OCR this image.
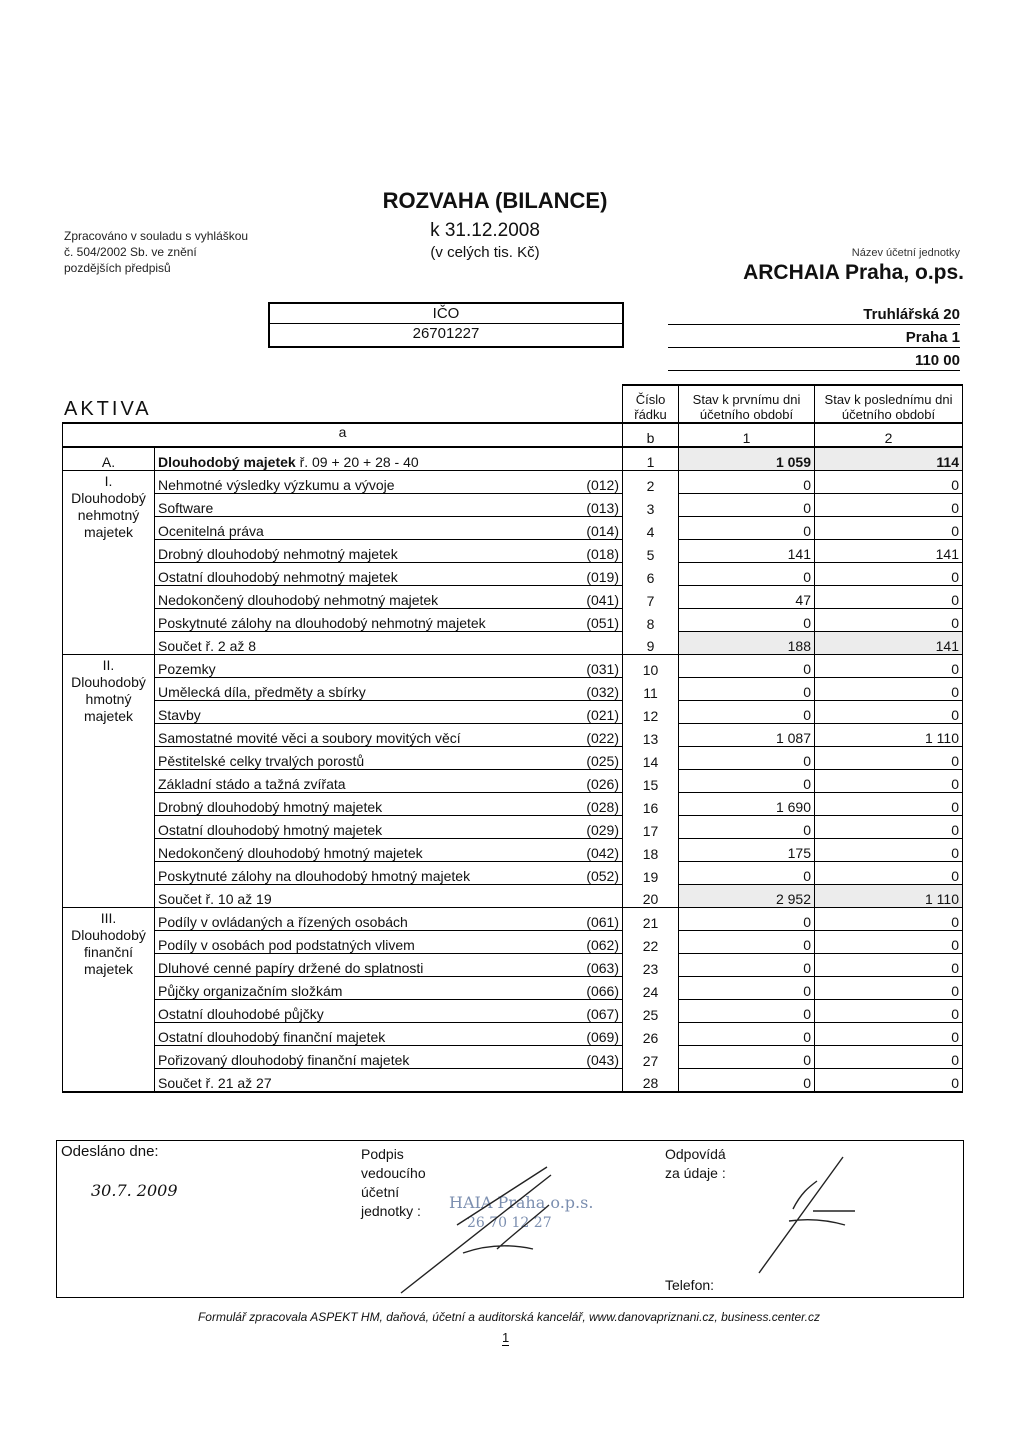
Zpracováno v souladu s vyhláškou
č. 504/2002 Sb. ve znění
pozdějších předpisů
ROZVAHA (BILANCE)
k 31.12.2008
(v celých tis. Kč)
IČO
26701227
Název účetní jednotky
ARCHAIA Praha, o.ps.
Truhlářská 20
Praha 1
110 00
AKTIVA
				Číslo řádku	Stav k prvnímu dni účetního období	Stav k poslednímu dni účetního období
a			b	1	2
A.	Dlouhodobý majetek ř. 09 + 20 + 28 - 40		1	1 059	114

I.
Dlouhodobý nehmotný majetek	Nehmotné výsledky výzkumu a vývoje	(012)	2	0	0
	Software	(013)	3	0	0
	Ocenitelná práva	(014)	4	0	0
	Drobný dlouhodobý nehmotný majetek	(018)	5	141	141
	Ostatní dlouhodobý nehmotný majetek	(019)	6	0	0
	Nedokončený dlouhodobý nehmotný majetek	(041)	7	47	0
	Poskytnuté zálohy na dlouhodobý nehmotný majetek	(051)	8	0	0
	Součet ř. 2 až 8		9	188	141

II.
Dlouhodobý hmotný majetek	Pozemky	(031)	10	0	0
	Umělecká díla, předměty a sbírky	(032)	11	0	0
	Stavby	(021)	12	0	0
	Samostatné movité věci a soubory movitých věcí	(022)	13	1 087	1 110
	Pěstitelské celky trvalých porostů	(025)	14	0	0
	Základní stádo a tažná zvířata	(026)	15	0	0
	Drobný dlouhodobý hmotný majetek	(028)	16	1 690	0
	Ostatní dlouhodobý hmotný majetek	(029)	17	0	0
	Nedokončený dlouhodobý hmotný majetek	(042)	18	175	0
	Poskytnuté zálohy na dlouhodobý hmotný majetek	(052)	19	0	0
	Součet ř. 10 až 19		20	2 952	1 110

III.
Dlouhodobý finanční majetek	Podíly v ovládaných a řízených osobách	(061)	21	0	0
	Podíly v osobách pod podstatných vlivem	(062)	22	0	0
	Dluhové cenné papíry držené do splatnosti	(063)	23	0	0
	Půjčky organizačním složkám	(066)	24	0	0
	Ostatní dlouhodobé půjčky	(067)	25	0	0
	Ostatní dlouhodobý finanční majetek	(069)	26	0	0
	Pořizovaný dlouhodobý finanční majetek	(043)	27	0	0
	Součet ř. 21 až 27		28	0	0
Odesláno dne:
30.7. 2009
Podpis
vedoucího
účetní
jednotky :
Odpovídá
za údaje :
Telefon:
HAIA Praha o.p.s.
26 70 12 27
Formulář zpracovala ASPEKT HM, daňová, účetní a auditorská kancelář, www.danovapriznani.cz, business.center.cz
1
